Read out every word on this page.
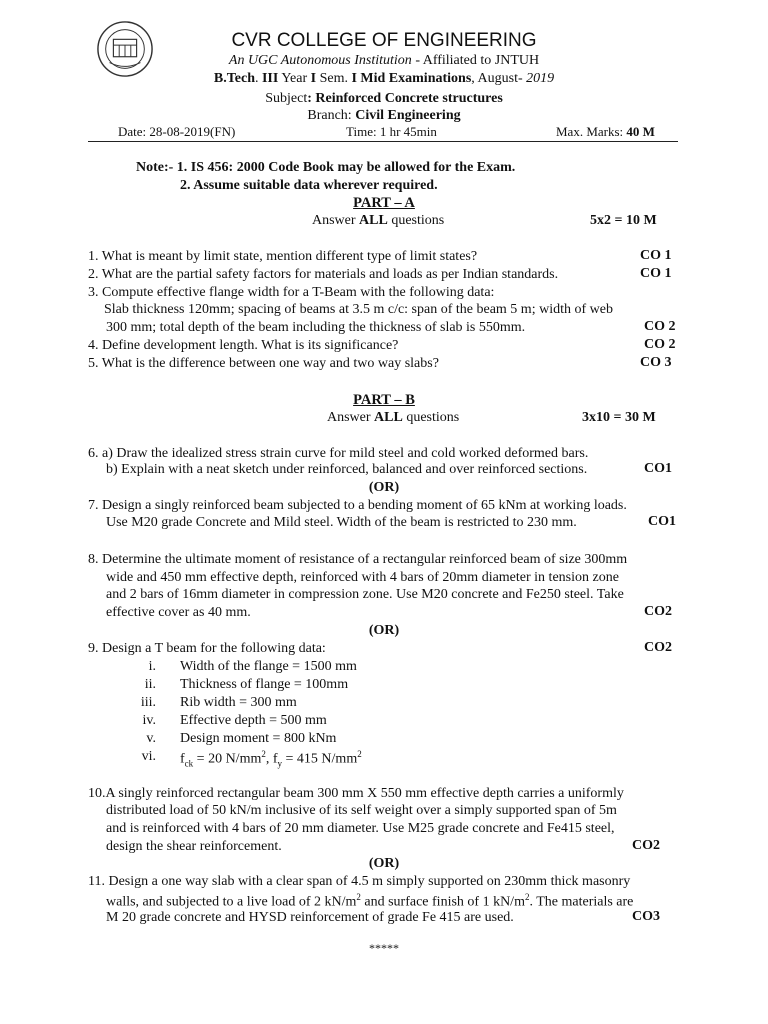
CVR COLLEGE OF ENGINEERING
An UGC Autonomous Institution - Affiliated to JNTUH
B.Tech. III Year I Sem. I Mid Examinations, August- 2019
Subject: Reinforced Concrete structures
Branch: Civil Engineering
Date: 28-08-2019(FN)	Time: 1 hr 45min	Max. Marks: 40 M
Note:- 1. IS 456: 2000 Code Book may be allowed for the Exam.
2. Assume suitable data wherever required.
PART – A
Answer ALL questions	5x2 = 10 M
1. What is meant by limit state, mention different type of limit states?	CO 1
2. What are the partial safety factors for materials and loads as per Indian standards.	CO 1
3. Compute effective flange width for a T-Beam with the following data:
Slab thickness 120mm; spacing of beams at 3.5 m c/c: span of the beam 5 m; width of web
300 mm; total depth of the beam including the thickness of slab is 550mm.	CO 2
4. Define development length. What is its significance?	CO 2
5. What is the difference between one way and two way slabs?	CO 3
PART – B
Answer ALL questions	3x10 = 30 M
6. a) Draw the idealized stress strain curve for mild steel and cold worked deformed bars.
b) Explain with a neat sketch under reinforced, balanced and over reinforced sections.	CO1
(OR)
7. Design a singly reinforced beam subjected to a bending moment of 65 kNm at working loads.
Use M20 grade Concrete and Mild steel. Width of the beam is restricted to 230 mm.	CO1
8. Determine the ultimate moment of resistance of a rectangular reinforced beam of size 300mm
wide and 450 mm effective depth, reinforced with 4 bars of 20mm diameter in tension zone
and 2 bars of 16mm diameter in compression zone. Use M20 concrete and Fe250 steel. Take
effective cover as 40 mm.	CO2
(OR)
9. Design a T beam for the following data:	CO2
i. Width of the flange = 1500 mm
ii. Thickness of flange = 100mm
iii. Rib width = 300 mm
iv. Effective depth = 500 mm
v. Design moment = 800 kNm
vi. $f_{ck} = 20$ $N/mm^2$, $f_y = 415$ $N/mm^2$
10.A singly reinforced rectangular beam 300 mm X 550 mm effective depth carries a uniformly
distributed load of 50 kN/m inclusive of its self weight over a simply supported span of 5m
and is reinforced with 4 bars of 20 mm diameter. Use M25 grade concrete and Fe415 steel,
design the shear reinforcement.	CO2
(OR)
11. Design a one way slab with a clear span of 4.5 m simply supported on 230mm thick masonry
walls, and subjected to a live load of 2 $kN/m^2$ and surface finish of 1 $kN/m^2$. The materials are
M 20 grade concrete and HYSD reinforcement of grade Fe 415 are used.	CO3
*****
